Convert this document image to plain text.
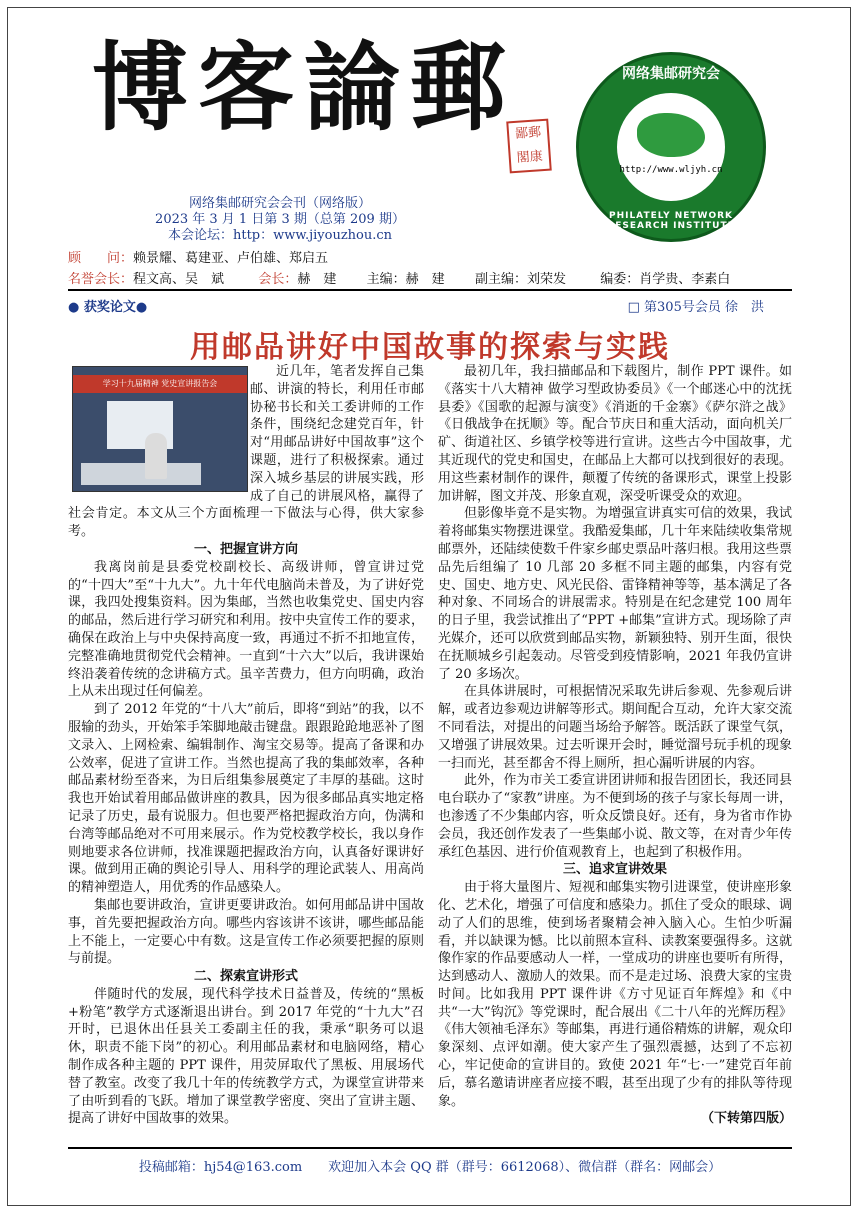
博客論郵
鄙郵
閣康
网络集邮研究会会刊（网络版）
2023 年 3 月 1 日第 3 期（总第 209 期）
本会论坛：http：www.jiyouzhou.cn
网络集邮研究会
http://www.wljyh.cn
PHILATELY NETWORK RESEARCH INSTITUTE
顾　　问：赖景耀、葛建亚、卢伯雄、郑启五
名誉会长：程文高、吴　斌	会长：赫　建 主编：赫　建 副主编：刘荣发	编委：肖学贵、李素白
● 获奖论文●	□ 第305号会员 徐　洪
用邮品讲好中国故事的探索与实践
学习十九届精神 党史宣讲报告会

近几年，笔者发挥自己集邮、讲演的特长，利用任市邮协秘书长和关工委讲师的工作条件，围绕纪念建党百年，针对“用邮品讲好中国故事”这个课题，进行了积极探索。通过深入城乡基层的讲展实践，形成了自己的讲展风格，赢得了社会肯定。本文从三个方面梳理一下做法与心得，供大家参考。

一、把握宣讲方向

我离岗前是县委党校副校长、高级讲师，曾宣讲过党的“十四大”至“十九大”。九十年代电脑尚未普及，为了讲好党课，我四处搜集资料。因为集邮，当然也收集党史、国史内容的邮品，然后进行学习研究和利用。按中央宣传工作的要求，确保在政治上与中央保持高度一致，再通过不折不扣地宣传，完整准确地贯彻党代会精神。一直到“十六大”以后，我讲课始终沿袭着传统的念讲稿方式。虽辛苦费力，但方向明确，政治上从未出现过任何偏差。

到了 2012 年党的“十八大”前后，即将“到站”的我，以不服输的劲头，开始笨手笨脚地敲击键盘。跟跟跄跄地恶补了图文录入、上网检索、编辑制作、淘宝交易等。提高了备课和办公效率，促进了宣讲工作。当然也提高了我的集邮效率，各种邮品素材纷至沓来，为日后组集参展奠定了丰厚的基础。这时我也开始试着用邮品做讲座的教具，因为很多邮品真实地定格记录了历史，最有说服力。但也要严格把握政治方向，伪满和台湾等邮品绝对不可用来展示。作为党校教学校长，我以身作则地要求各位讲师，找准课题把握政治方向，认真备好课讲好课。做到用正确的舆论引导人、用科学的理论武装人、用高尚的精神塑造人，用优秀的作品感染人。

集邮也要讲政治，宣讲更要讲政治。如何用邮品讲中国故事，首先要把握政治方向。哪些内容该讲不该讲，哪些邮品能上不能上，一定要心中有数。这是宣传工作必须要把握的原则与前提。

二、探索宣讲形式

伴随时代的发展，现代科学技术日益普及，传统的“黑板+粉笔”教学方式逐渐退出讲台。到 2017 年党的“十九大”召开时，已退休出任县关工委副主任的我，秉承“职务可以退休，职责不能下岗”的初心。利用邮品素材和电脑网络，精心制作成各种主题的 PPT 课件，用荧屏取代了黑板、用展场代替了教室。改变了我几十年的传统教学方式，为课堂宣讲带来了由听到看的飞跃。增加了课堂教学密度、突出了宣讲主题、提高了讲好中国故事的效果。

最初几年，我扫描邮品和下载图片，制作 PPT 课件。如《落实十八大精神 做学习型政协委员》《一个邮迷心中的沈抚县委》《国歌的起源与演变》《消逝的千金寨》《萨尔浒之战》《日俄战争在抚顺》等。配合节庆日和重大活动，面向机关厂矿、街道社区、乡镇学校等进行宣讲。这些古今中国故事，尤其近现代的党史和国史，在邮品上大都可以找到很好的表现。用这些素材制作的课件，颠覆了传统的备课形式，课堂上投影加讲解，图文并茂、形象直观，深受听课受众的欢迎。

但影像毕竟不是实物。为增强宣讲真实可信的效果，我试着将邮集实物摆进课堂。我酷爱集邮，几十年来陆续收集常规邮票外，还陆续使数千件家乡邮史票品叶落归根。我用这些票品先后组编了 10 几部 20 多框不同主题的邮集，内容有党史、国史、地方史、风光民俗、雷锋精神等等，基本满足了各种对象、不同场合的讲展需求。特别是在纪念建党 100 周年的日子里，我尝试推出了“PPT +邮集”宣讲方式。现场除了声光媒介，还可以欣赏到邮品实物，新颖独特、别开生面，很快在抚顺城乡引起轰动。尽管受到疫情影响，2021 年我仍宣讲了 20 多场次。

在具体讲展时，可根据情况采取先讲后参观、先参观后讲解，或者边参观边讲解等形式。期间配合互动，允许大家交流不同看法，对提出的问题当场给予解答。既活跃了课堂气氛，又增强了讲展效果。过去听课开会时，睡觉溜号玩手机的现象一扫而光，甚至都舍不得上厕所，担心漏听讲展的内容。

此外，作为市关工委宣讲团讲师和报告团团长，我还同县电台联办了“家教”讲座。为不便到场的孩子与家长每周一讲，也渗透了不少集邮内容，听众反馈良好。还有，身为省市作协会员，我还创作发表了一些集邮小说、散文等，在对青少年传承红色基因、进行价值观教育上，也起到了积极作用。

三、追求宣讲效果

由于将大量图片、短视和邮集实物引进课堂，使讲座形象化、艺术化，增强了可信度和感染力。抓住了受众的眼球、调动了人们的思维，使到场者聚精会神入脑入心。生怕少听漏看，并以缺课为憾。比以前照本宣科、读教案要强得多。这就像作家的作品要感动人一样，一堂成功的讲座也要听有所得，达到感动人、激励人的效果。而不是走过场、浪费大家的宝贵时间。比如我用 PPT 课件讲《方寸见证百年辉煌》和《中共“一大”钩沉》等党课时，配合展出《二十八年的光辉历程》《伟大领袖毛泽东》等邮集，再进行通俗精炼的讲解，观众印象深刻、点评如潮。使大家产生了强烈震撼，达到了不忘初心，牢记使命的宣讲目的。致使 2021 年“七·一”建党百年前后，慕名邀请讲座者应接不暇，甚至出现了少有的排队等待现象。

（下转第四版）

投稿邮箱：hj54@163.com　　欢迎加入本会 QQ 群（群号：6612068）、微信群（群名：网邮会）
